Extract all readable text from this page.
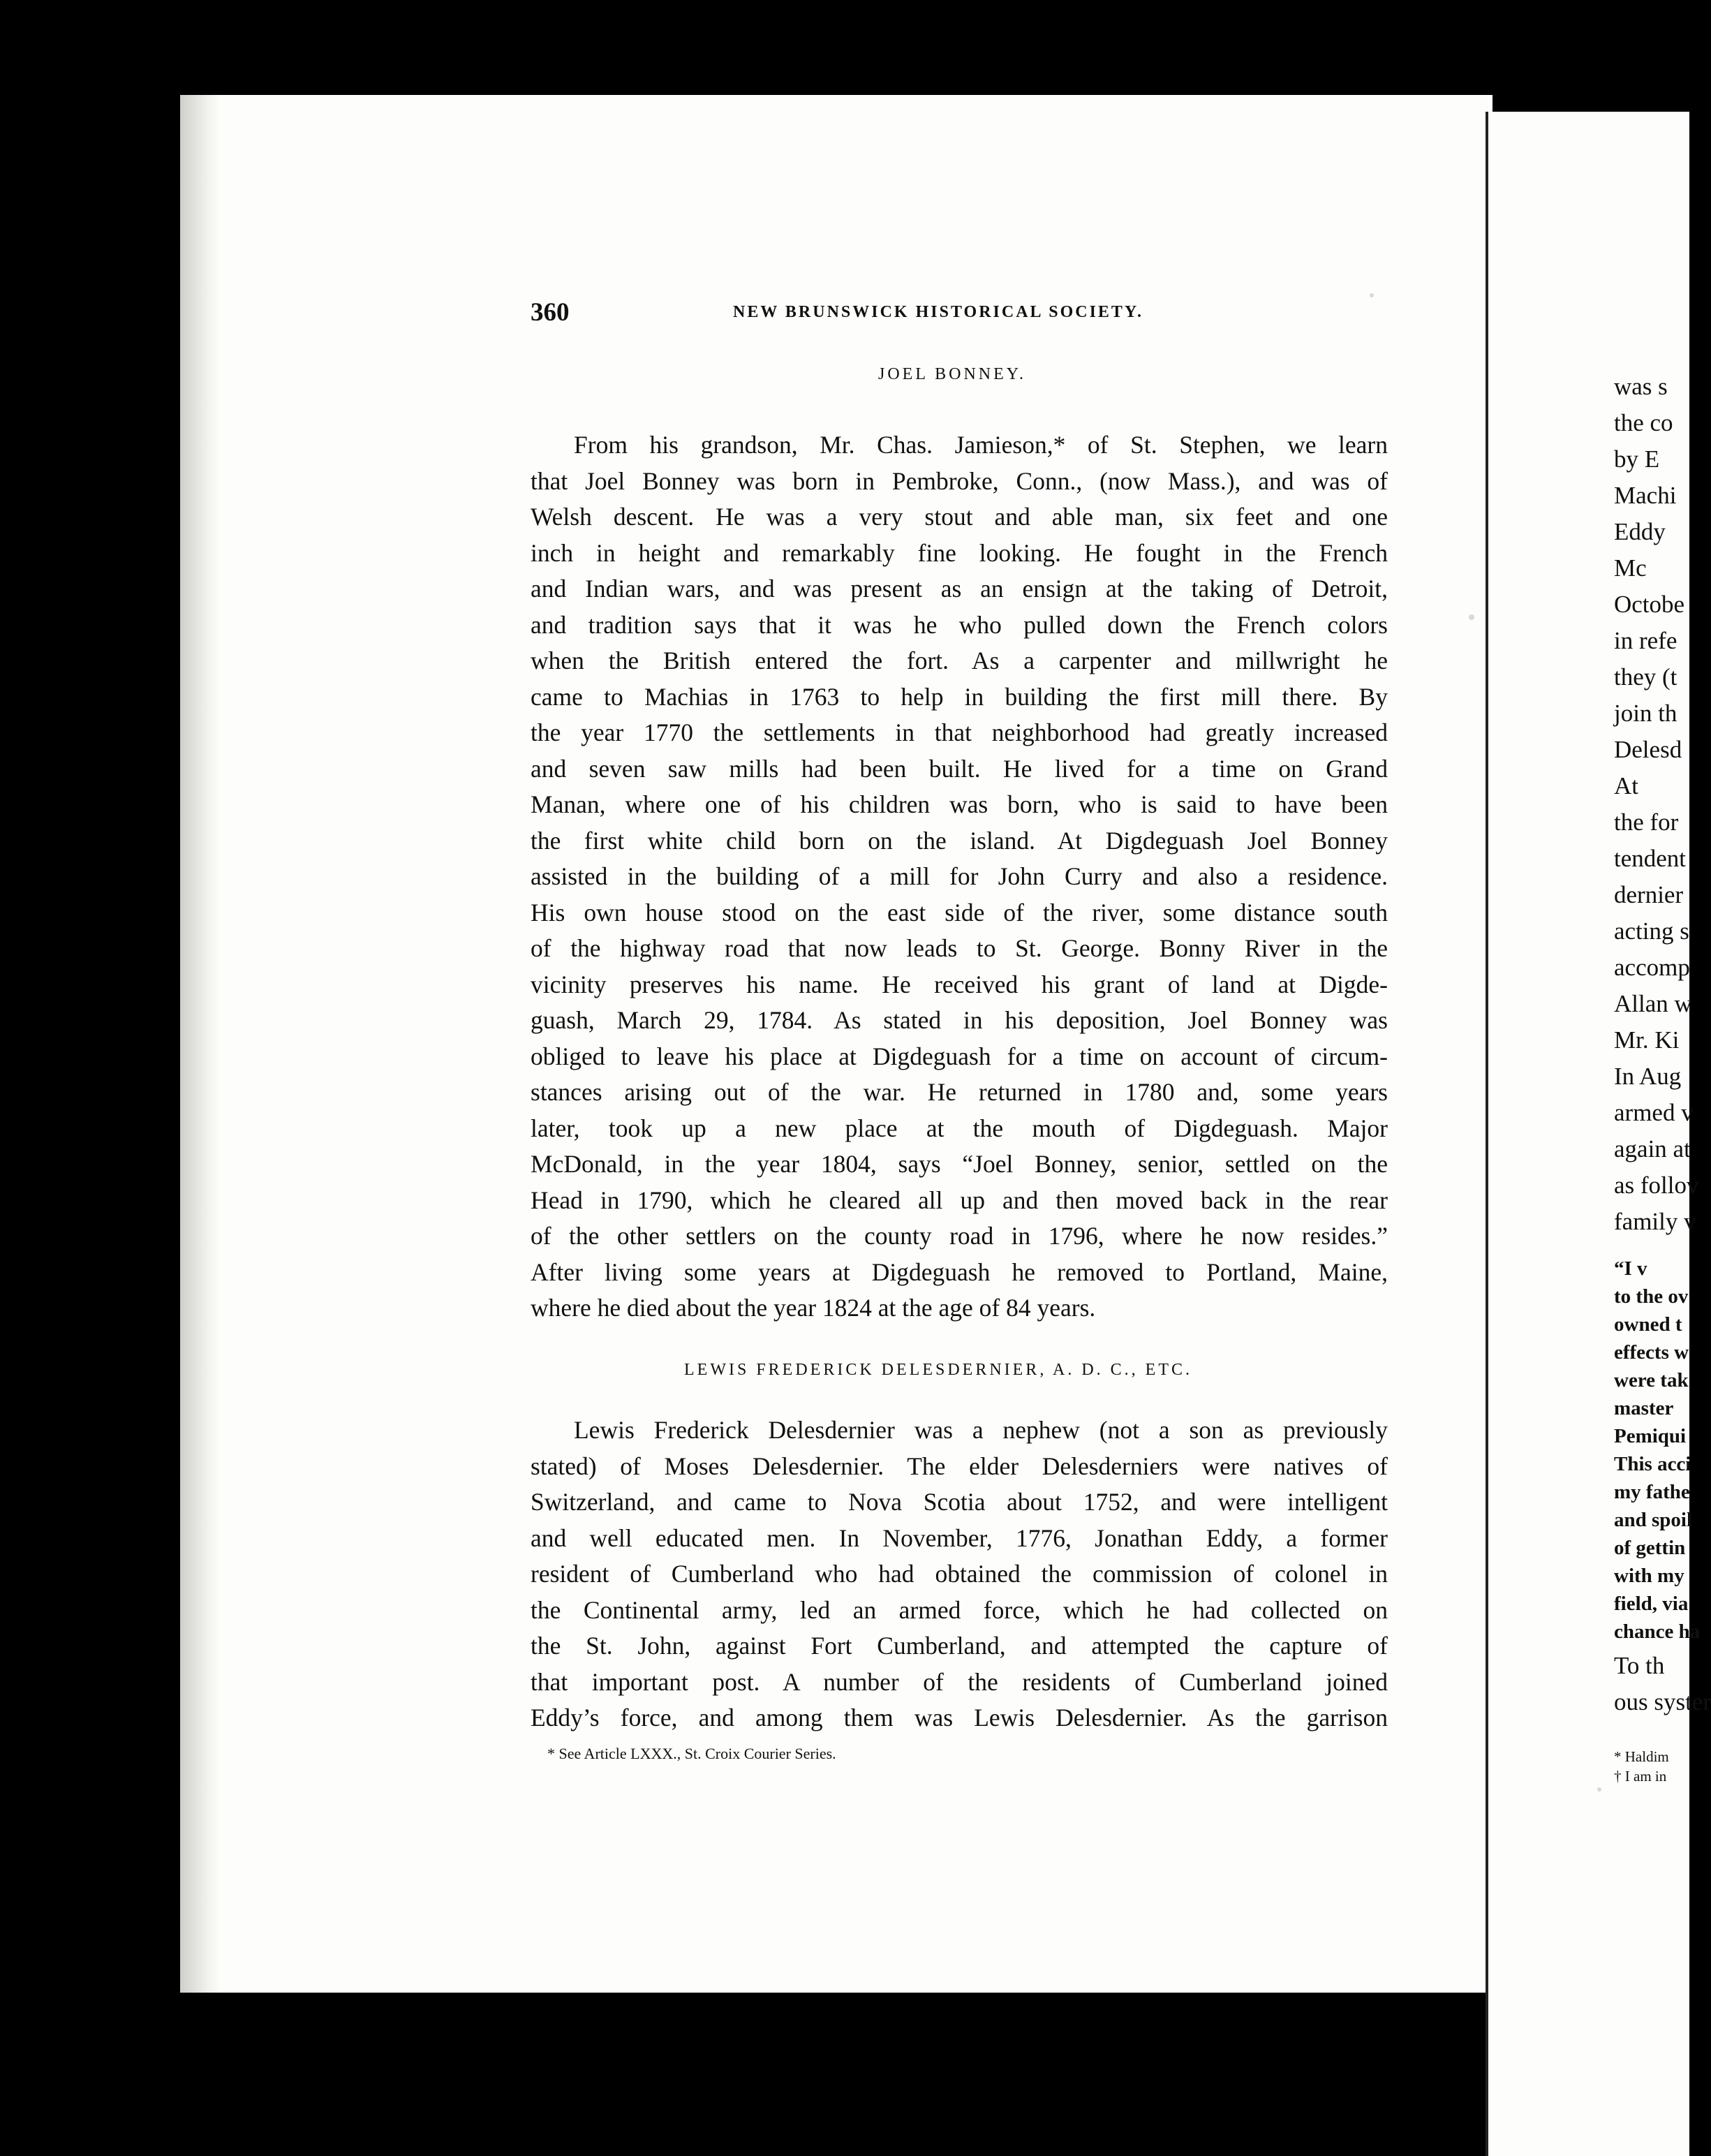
360	NEW BRUNSWICK HISTORICAL SOCIETY.
JOEL BONNEY.
From his grandson, Mr. Chas. Jamieson,* of St. Stephen, we learn
that Joel Bonney was born in Pembroke, Conn., (now Mass.), and was of
Welsh descent. He was a very stout and able man, six feet and one
inch in height and remarkably fine looking. He fought in the French
and Indian wars, and was present as an ensign at the taking of Detroit,
and tradition says that it was he who pulled down the French colors
when the British entered the fort. As a carpenter and millwright he
came to Machias in 1763 to help in building the first mill there. By
the year 1770 the settlements in that neighborhood had greatly increased
and seven saw mills had been built. He lived for a time on Grand
Manan, where one of his children was born, who is said to have been
the first white child born on the island. At Digdeguash Joel Bonney
assisted in the building of a mill for John Curry and also a residence.
His own house stood on the east side of the river, some distance south
of the highway road that now leads to St. George. Bonny River in the
vicinity preserves his name. He received his grant of land at Digde-
guash, March 29, 1784. As stated in his deposition, Joel Bonney was
obliged to leave his place at Digdeguash for a time on account of circum-
stances arising out of the war. He returned in 1780 and, some years
later, took up a new place at the mouth of Digdeguash. Major
McDonald, in the year 1804, says “Joel Bonney, senior, settled on the
Head in 1790, which he cleared all up and then moved back in the rear
of the other settlers on the county road in 1796, where he now resides.”
After living some years at Digdeguash he removed to Portland, Maine,
where he died about the year 1824 at the age of 84 years.
LEWIS FREDERICK DELESDERNIER, A. D. C., ETC.
Lewis Frederick Delesdernier was a nephew (not a son as previously
stated) of Moses Delesdernier. The elder Delesderniers were natives of
Switzerland, and came to Nova Scotia about 1752, and were intelligent
and well educated men. In November, 1776, Jonathan Eddy, a former
resident of Cumberland who had obtained the commission of colonel in
the Continental army, led an armed force, which he had collected on
the St. John, against Fort Cumberland, and attempted the capture of
that important post. A number of the residents of Cumberland joined
Eddy’s force, and among them was Lewis Delesdernier. As the garrison
* See Article LXXX., St. Croix Courier Series.
was s
the co
by E
Machi
Eddy
Mc
Octobe
in refe
they (t
join th
Delesd
At
the for
tendent
dernier
acting s
accomp
Allan w
Mr. Ki
In Aug
armed v
again at
as follov
family v
“I v
to the ov
owned t
effects w
were tak
master
Pemiqui
This acci
my fathe
and spoil
of gettin
with my
field, via
chance ha
To th
ous syster
* Haldim
† I am in
